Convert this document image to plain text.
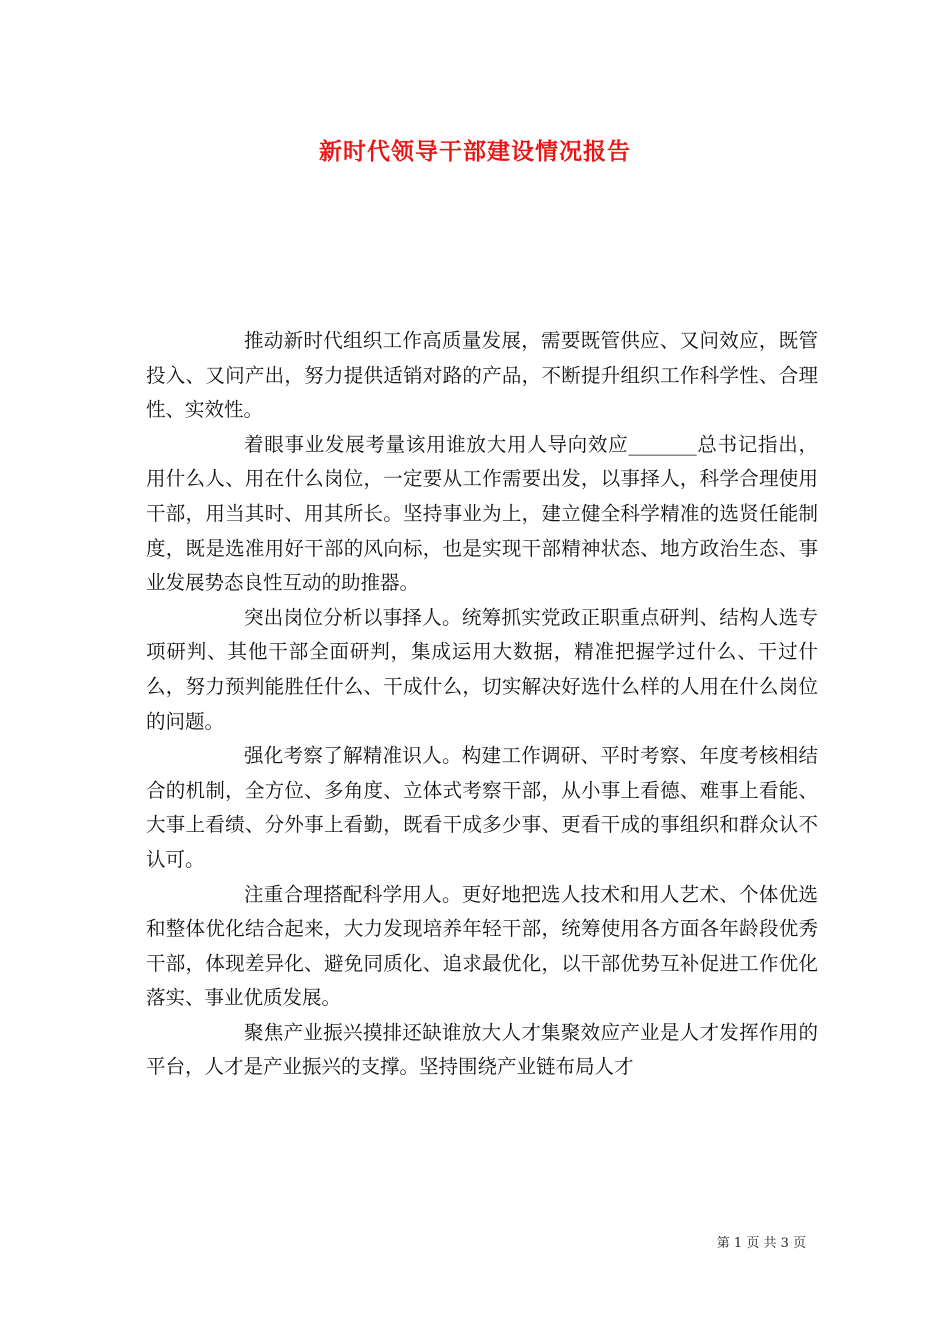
新时代领导干部建设情况报告

推动新时代组织工作高质量发展，需要既管供应、又问效应，既管投入、又问产出，努力提供适销对路的产品，不断提升组织工作科学性、合理性、实效性。

着眼事业发展考量该用谁放大用人导向效应_______总书记指出，用什么人、用在什么岗位，一定要从工作需要出发，以事择人，科学合理使用干部，用当其时、用其所长。坚持事业为上，建立健全科学精准的选贤任能制度，既是选准用好干部的风向标，也是实现干部精神状态、地方政治生态、事业发展势态良性互动的助推器。

突出岗位分析以事择人。统筹抓实党政正职重点研判、结构人选专项研判、其他干部全面研判，集成运用大数据，精准把握学过什么、干过什么，努力预判能胜任什么、干成什么，切实解决好选什么样的人用在什么岗位的问题。

强化考察了解精准识人。构建工作调研、平时考察、年度考核相结合的机制，全方位、多角度、立体式考察干部，从小事上看德、难事上看能、大事上看绩、分外事上看勤，既看干成多少事、更看干成的事组织和群众认不认可。

注重合理搭配科学用人。更好地把选人技术和用人艺术、个体优选和整体优化结合起来，大力发现培养年轻干部，统筹使用各方面各年龄段优秀干部，体现差异化、避免同质化、追求最优化，以干部优势互补促进工作优化落实、事业优质发展。

聚焦产业振兴摸排还缺谁放大人才集聚效应产业是人才发挥作用的平台，人才是产业振兴的支撑。坚持围绕产业链布局人才

第 1 页 共 3 页
